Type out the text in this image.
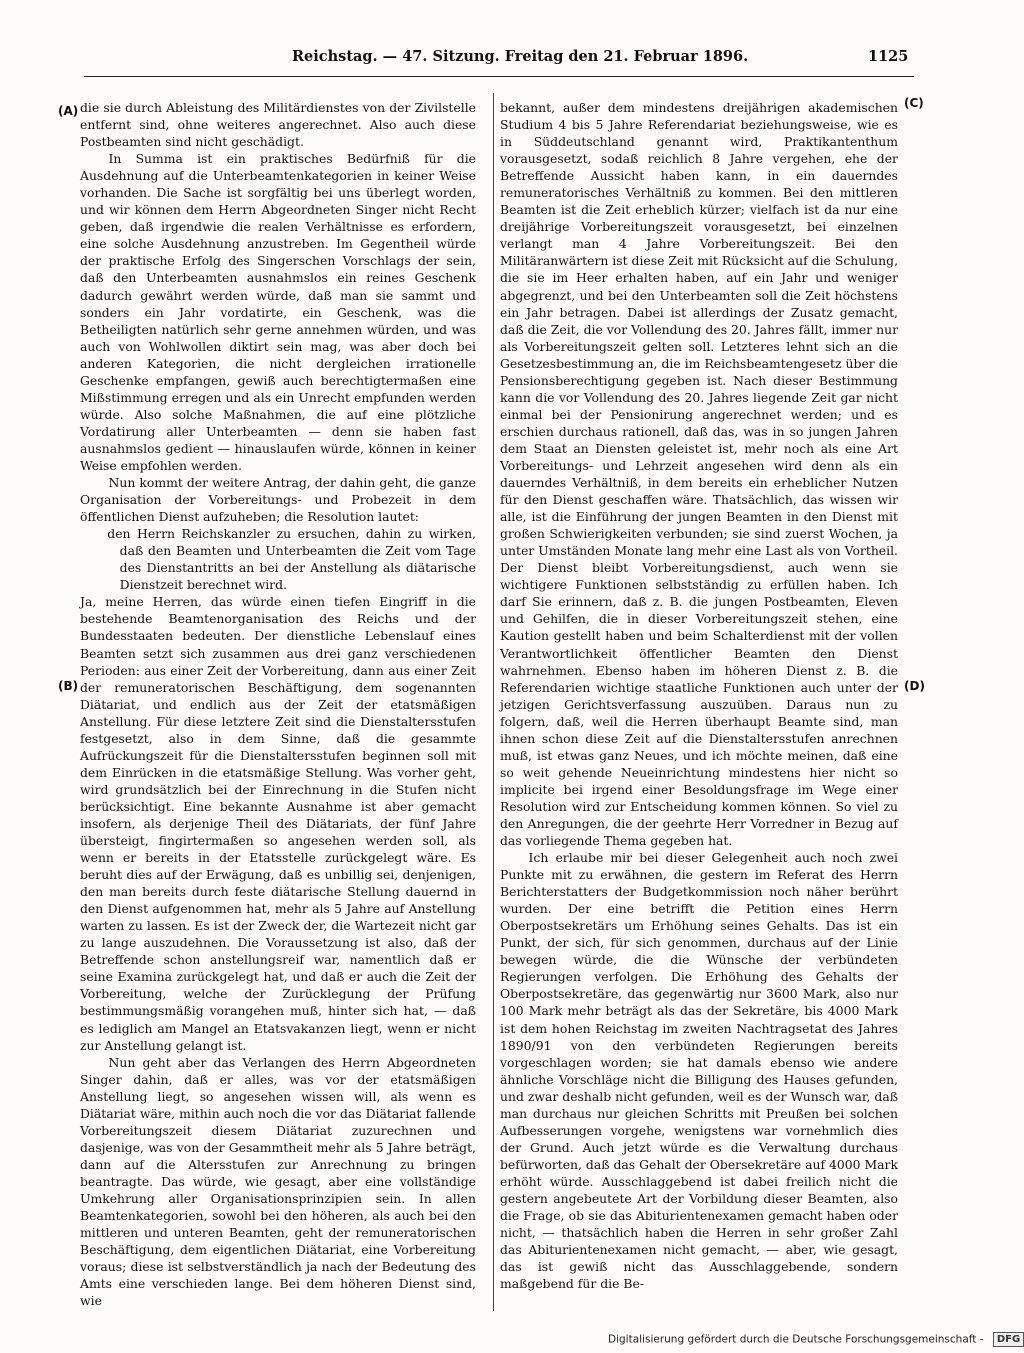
Reichstag. — 47. Sitzung. Freitag den 21. Februar 1896.	1125
(A)
(B)
(C)
(D)

die sie durch Ableistung des Militärdienstes von der Zivilstelle entfernt sind, ohne weiteres angerechnet. Also auch diese Postbeamten sind nicht geschädigt.

In Summa ist ein praktisches Bedürfniß für die Ausdehnung auf die Unterbeamtenkategorien in keiner Weise vorhanden. Die Sache ist sorgfältig bei uns überlegt worden, und wir können dem Herrn Abgeordneten Singer nicht Recht geben, daß irgendwie die realen Verhältnisse es erfordern, eine solche Ausdehnung anzustreben. Im Gegentheil würde der praktische Erfolg des Singerschen Vorschlags der sein, daß den Unterbeamten ausnahmslos ein reines Geschenk dadurch gewährt werden würde, daß man sie sammt und sonders ein Jahr vordatirte, ein Geschenk, was die Betheiligten natürlich sehr gerne annehmen würden, und was auch von Wohlwollen diktirt sein mag, was aber doch bei anderen Kategorien, die nicht dergleichen irrationelle Geschenke empfangen, gewiß auch berechtigtermaßen eine Mißstimmung erregen und als ein Unrecht empfunden werden würde. Also solche Maßnahmen, die auf eine plötzliche Vordatirung aller Unterbeamten — denn sie haben fast ausnahmslos gedient — hinauslaufen würde, können in keiner Weise empfohlen werden.

Nun kommt der weitere Antrag, der dahin geht, die ganze Organisation der Vorbereitungs- und Probezeit in dem öffentlichen Dienst aufzuheben; die Resolution lautet:

den Herrn Reichskanzler zu ersuchen, dahin zu wirken, daß den Beamten und Unterbeamten die Zeit vom Tage des Dienstantritts an bei der Anstellung als diätarische Dienstzeit berechnet wird.

Ja, meine Herren, das würde einen tiefen Eingriff in die bestehende Beamtenorganisation des Reichs und der Bundesstaaten bedeuten. Der dienstliche Lebenslauf eines Beamten setzt sich zusammen aus drei ganz verschiedenen Perioden: aus einer Zeit der Vorbereitung, dann aus einer Zeit der remuneratorischen Beschäftigung, dem sogenannten Diätariat, und endlich aus der Zeit der etatsmäßigen Anstellung. Für diese letztere Zeit sind die Dienstaltersstufen festgesetzt, also in dem Sinne, daß die gesammte Aufrückungszeit für die Dienstaltersstufen beginnen soll mit dem Einrücken in die etatsmäßige Stellung. Was vorher geht, wird grundsätzlich bei der Einrechnung in die Stufen nicht berücksichtigt. Eine bekannte Ausnahme ist aber gemacht insofern, als derjenige Theil des Diätariats, der fünf Jahre übersteigt, fingirtermaßen so angesehen werden soll, als wenn er bereits in der Etatsstelle zurückgelegt wäre. Es beruht dies auf der Erwägung, daß es unbillig sei, denjenigen, den man bereits durch feste diätarische Stellung dauernd in den Dienst aufgenommen hat, mehr als 5 Jahre auf Anstellung warten zu lassen. Es ist der Zweck der, die Wartezeit nicht gar zu lange auszudehnen. Die Voraussetzung ist also, daß der Betreffende schon anstellungsreif war, namentlich daß er seine Examina zurückgelegt hat, und daß er auch die Zeit der Vorbereitung, welche der Zurücklegung der Prüfung bestimmungsmäßig vorangehen muß, hinter sich hat, — daß es lediglich am Mangel an Etatsvakanzen liegt, wenn er nicht zur Anstellung gelangt ist.

Nun geht aber das Verlangen des Herrn Abgeordneten Singer dahin, daß er alles, was vor der etatsmäßigen Anstellung liegt, so angesehen wissen will, als wenn es Diätariat wäre, mithin auch noch die vor das Diätariat fallende Vorbereitungszeit diesem Diätariat zuzurechnen und dasjenige, was von der Gesammtheit mehr als 5 Jahre beträgt, dann auf die Altersstufen zur Anrechnung zu bringen beantragte. Das würde, wie gesagt, aber eine vollständige Umkehrung aller Organisationsprinzipien sein. In allen Beamtenkategorien, sowohl bei den höheren, als auch bei den mittleren und unteren Beamten, geht der remuneratorischen Beschäftigung, dem eigentlichen Diätariat, eine Vorbereitung voraus; diese ist selbstverständlich ja nach der Bedeutung des Amts eine verschieden lange. Bei dem höheren Dienst sind, wie

bekannt, außer dem mindestens dreijährigen akademischen Studium 4 bis 5 Jahre Referendariat beziehungsweise, wie es in Süddeutschland genannt wird, Praktikantenthum vorausgesetzt, sodaß reichlich 8 Jahre vergehen, ehe der Betreffende Aussicht haben kann, in ein dauerndes remuneratorisches Verhältniß zu kommen. Bei den mittleren Beamten ist die Zeit erheblich kürzer; vielfach ist da nur eine dreijährige Vorbereitungszeit vorausgesetzt, bei einzelnen verlangt man 4 Jahre Vorbereitungszeit. Bei den Militäranwärtern ist diese Zeit mit Rücksicht auf die Schulung, die sie im Heer erhalten haben, auf ein Jahr und weniger abgegrenzt, und bei den Unterbeamten soll die Zeit höchstens ein Jahr betragen. Dabei ist allerdings der Zusatz gemacht, daß die Zeit, die vor Vollendung des 20. Jahres fällt, immer nur als Vorbereitungszeit gelten soll. Letzteres lehnt sich an die Gesetzesbestimmung an, die im Reichsbeamtengesetz über die Pensionsberechtigung gegeben ist. Nach dieser Bestimmung kann die vor Vollendung des 20. Jahres liegende Zeit gar nicht einmal bei der Pensionirung angerechnet werden; und es erschien durchaus rationell, daß das, was in so jungen Jahren dem Staat an Diensten geleistet ist, mehr noch als eine Art Vorbereitungs- und Lehrzeit angesehen wird denn als ein dauerndes Verhältniß, in dem bereits ein erheblicher Nutzen für den Dienst geschaffen wäre. Thatsächlich, das wissen wir alle, ist die Einführung der jungen Beamten in den Dienst mit großen Schwierigkeiten verbunden; sie sind zuerst Wochen, ja unter Umständen Monate lang mehr eine Last als von Vortheil. Der Dienst bleibt Vorbereitungsdienst, auch wenn sie wichtigere Funktionen selbstständig zu erfüllen haben. Ich darf Sie erinnern, daß z. B. die jungen Postbeamten, Eleven und Gehilfen, die in dieser Vorbereitungszeit stehen, eine Kaution gestellt haben und beim Schalterdienst mit der vollen Verantwortlichkeit öffentlicher Beamten den Dienst wahrnehmen. Ebenso haben im höheren Dienst z. B. die Referendarien wichtige staatliche Funktionen auch unter der jetzigen Gerichtsverfassung auszuüben. Daraus nun zu folgern, daß, weil die Herren überhaupt Beamte sind, man ihnen schon diese Zeit auf die Dienstaltersstufen anrechnen muß, ist etwas ganz Neues, und ich möchte meinen, daß eine so weit gehende Neueinrichtung mindestens hier nicht so implicite bei irgend einer Besoldungsfrage im Wege einer Resolution wird zur Entscheidung kommen können. So viel zu den Anregungen, die der geehrte Herr Vorredner in Bezug auf das vorliegende Thema gegeben hat.

Ich erlaube mir bei dieser Gelegenheit auch noch zwei Punkte mit zu erwähnen, die gestern im Referat des Herrn Berichterstatters der Budgetkommission noch näher berührt wurden. Der eine betrifft die Petition eines Herrn Oberpostsekretärs um Erhöhung seines Gehalts. Das ist ein Punkt, der sich, für sich genommen, durchaus auf der Linie bewegen würde, die die Wünsche der verbündeten Regierungen verfolgen. Die Erhöhung des Gehalts der Oberpostsekretäre, das gegenwärtig nur 3600 Mark, also nur 100 Mark mehr beträgt als das der Sekretäre, bis 4000 Mark ist dem hohen Reichstag im zweiten Nachtragsetat des Jahres 1890/91 von den verbündeten Regierungen bereits vorgeschlagen worden; sie hat damals ebenso wie andere ähnliche Vorschläge nicht die Billigung des Hauses gefunden, und zwar deshalb nicht gefunden, weil es der Wunsch war, daß man durchaus nur gleichen Schritts mit Preußen bei solchen Aufbesserungen vorgehe, wenigstens war vornehmlich dies der Grund. Auch jetzt würde es die Verwaltung durchaus befürworten, daß das Gehalt der Obersekretäre auf 4000 Mark erhöht würde. Ausschlaggebend ist dabei freilich nicht die gestern angebeutete Art der Vorbildung dieser Beamten, also die Frage, ob sie das Abiturientenexamen gemacht haben oder nicht, — thatsächlich haben die Herren in sehr großer Zahl das Abiturientenexamen nicht gemacht, — aber, wie gesagt, das ist gewiß nicht das Ausschlaggebende, sondern maßgebend für die Be-

Digitalisierung gefördert durch die Deutsche Forschungsgemeinschaft - DFG
